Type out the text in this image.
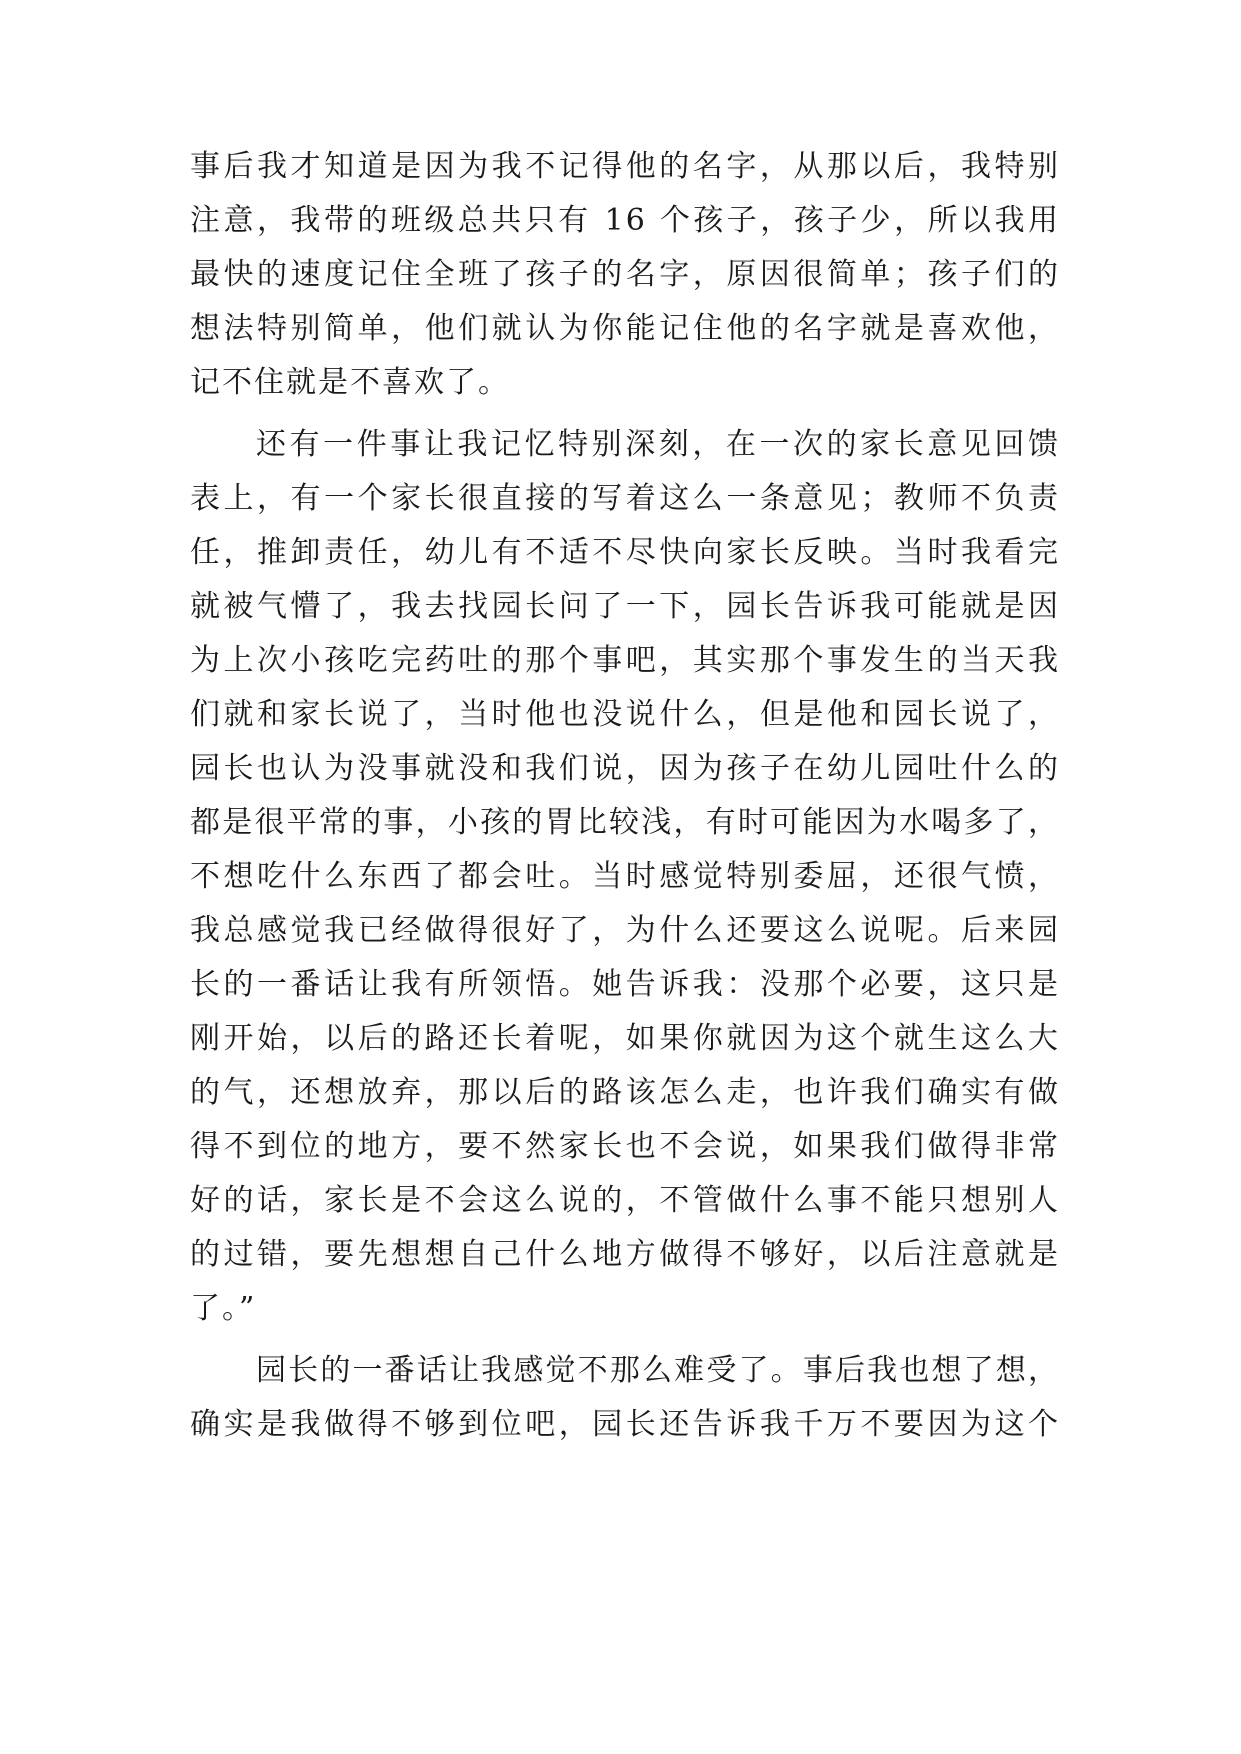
事后我才知道是因为我不记得他的名字，从那以后，我特别
注意，我带的班级总共只有 16 个孩子，孩子少，所以我用
最快的速度记住全班了孩子的名字，原因很简单；孩子们的
想法特别简单，他们就认为你能记住他的名字就是喜欢他，
记不住就是不喜欢了。
还有一件事让我记忆特别深刻，在一次的家长意见回馈
表上，有一个家长很直接的写着这么一条意见；教师不负责
任，推卸责任，幼儿有不适不尽快向家长反映。当时我看完
就被气懵了，我去找园长问了一下，园长告诉我可能就是因
为上次小孩吃完药吐的那个事吧，其实那个事发生的当天我
们就和家长说了，当时他也没说什么，但是他和园长说了，
园长也认为没事就没和我们说，因为孩子在幼儿园吐什么的
都是很平常的事，小孩的胃比较浅，有时可能因为水喝多了，
不想吃什么东西了都会吐。当时感觉特别委屈，还很气愤，
我总感觉我已经做得很好了，为什么还要这么说呢。后来园
长的一番话让我有所领悟。她告诉我：没那个必要，这只是
刚开始，以后的路还长着呢，如果你就因为这个就生这么大
的气，还想放弃，那以后的路该怎么走，也许我们确实有做
得不到位的地方，要不然家长也不会说，如果我们做得非常
好的话，家长是不会这么说的，不管做什么事不能只想别人
的过错，要先想想自己什么地方做得不够好，以后注意就是
了。”
园长的一番话让我感觉不那么难受了。事后我也想了想，
确实是我做得不够到位吧，园长还告诉我千万不要因为这个
